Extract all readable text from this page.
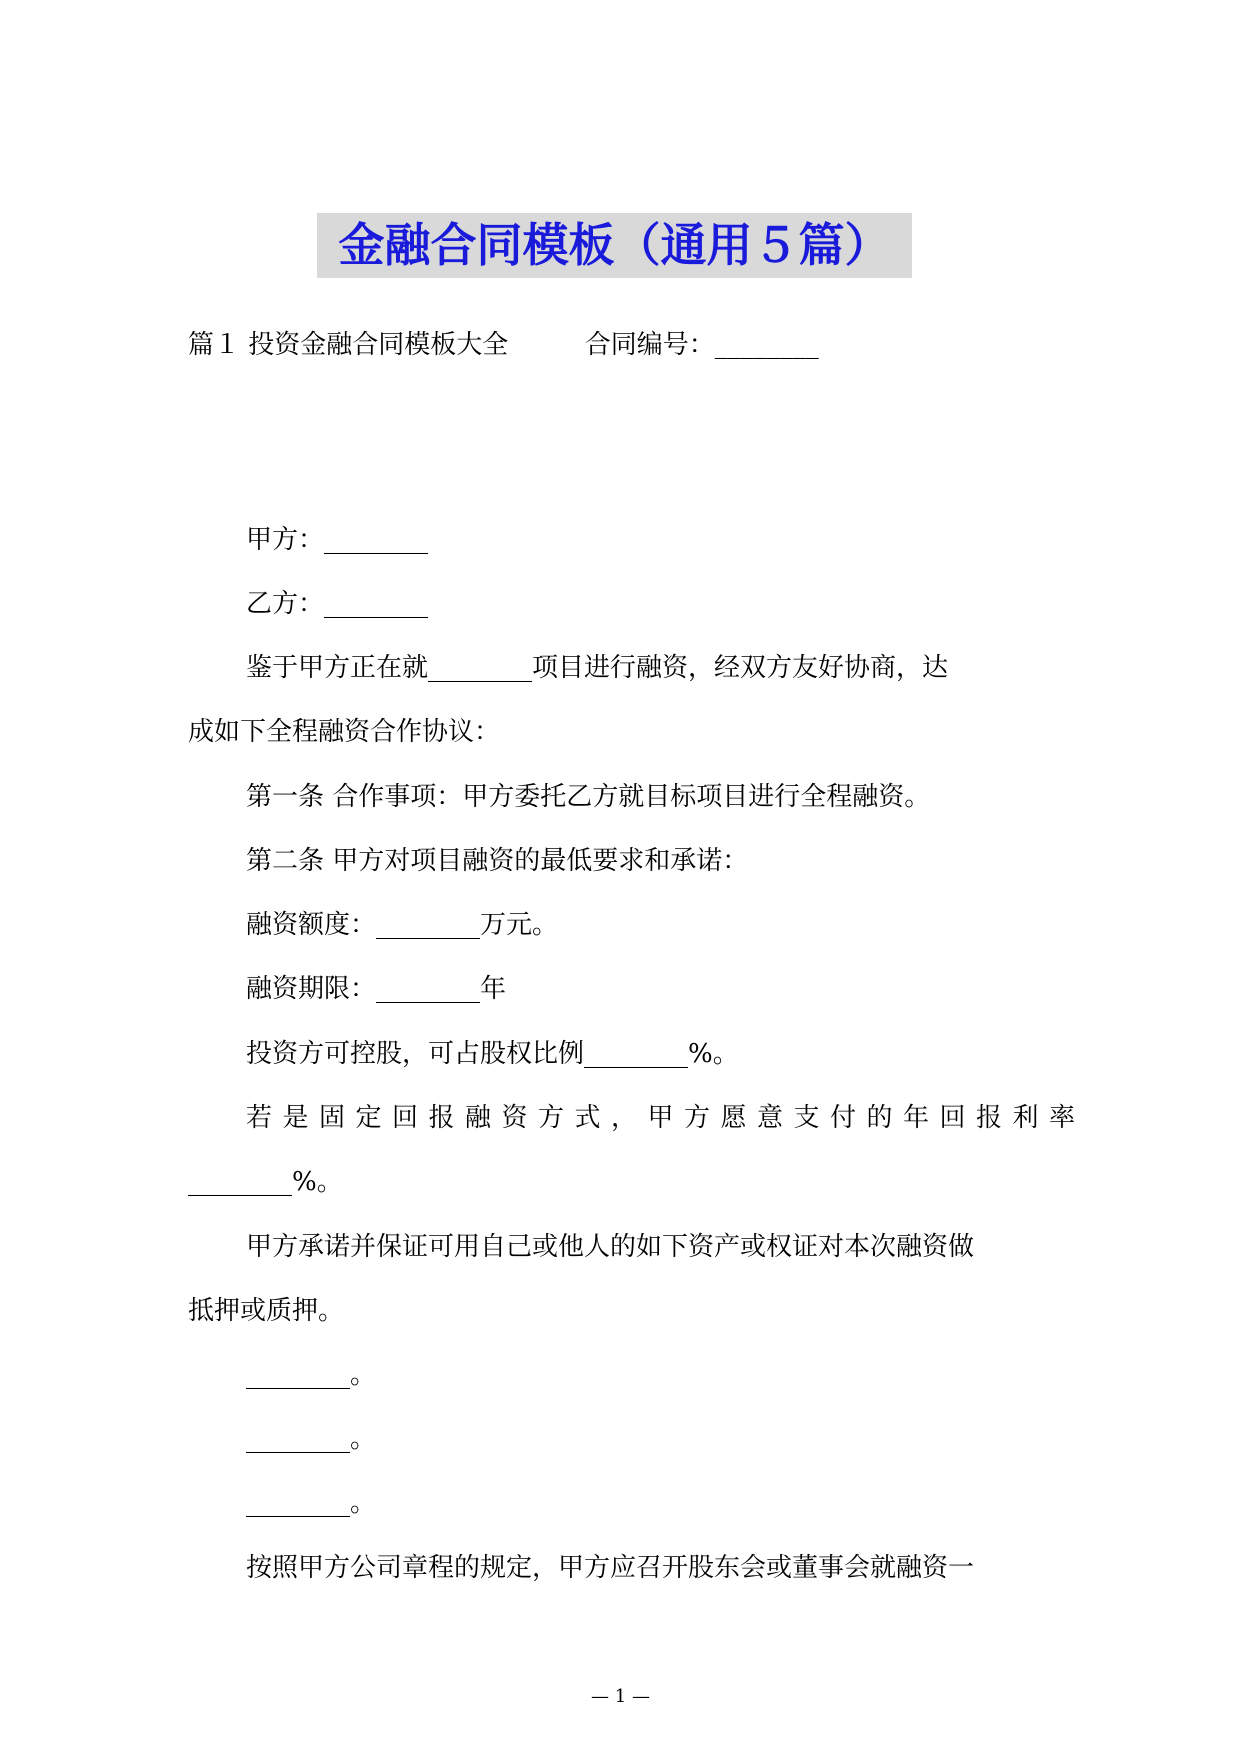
金融合同模板（通用５篇）
篇１ 投资金融合同模板大全	合同编号：________
甲方：________
乙方：________
鉴于甲方正在就________项目进行融资，经双方友好协商，达
成如下全程融资合作协议：
第一条 合作事项：甲方委托乙方就目标项目进行全程融资。
第二条 甲方对项目融资的最低要求和承诺：
融资额度：________万元。
融资期限：________年
投资方可控股，可占股权比例________%。
若是固定回报融资方式，甲方愿意支付的年回报利率
________%。
甲方承诺并保证可用自己或他人的如下资产或权证对本次融资做
抵押或质押。
________。
________。
________。
按照甲方公司章程的规定，甲方应召开股东会或董事会就融资一
— 1 —
